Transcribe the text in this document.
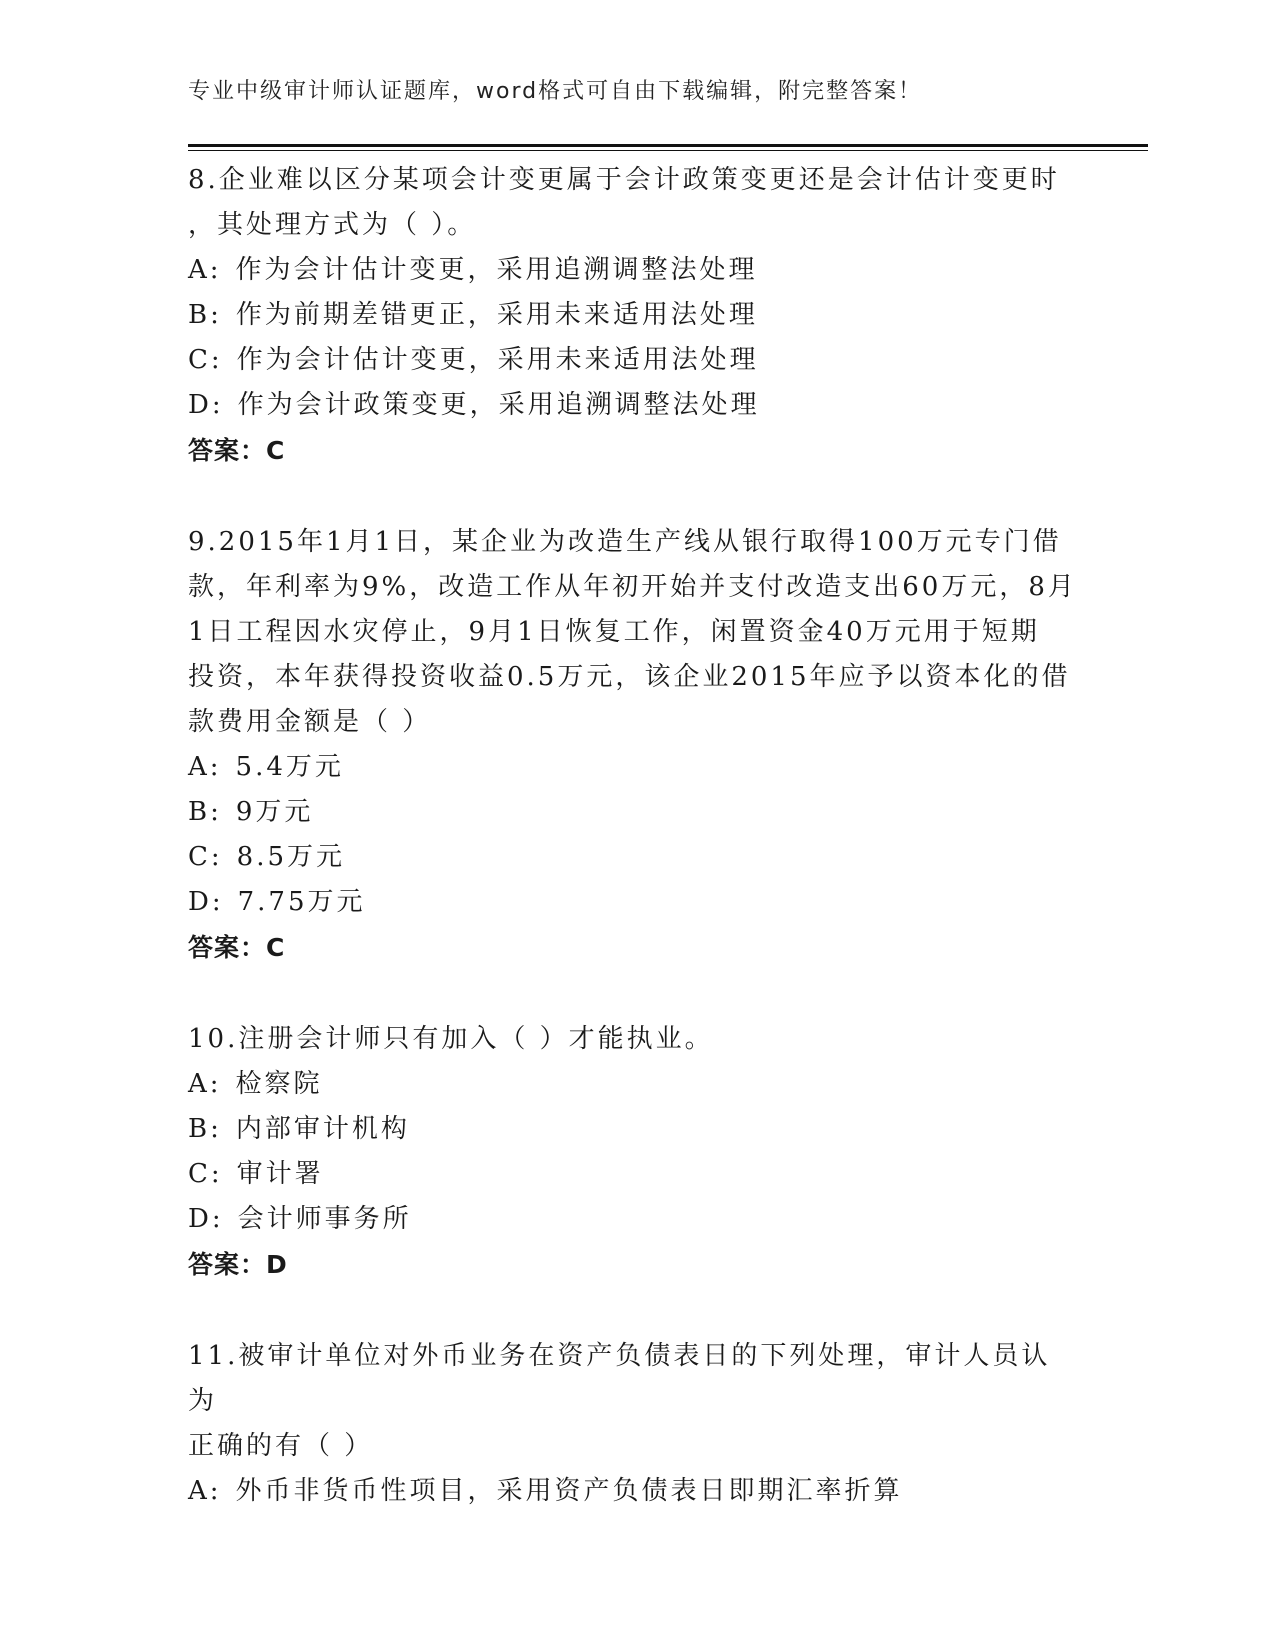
专业中级审计师认证题库，word格式可自由下载编辑，附完整答案！

8.企业难以区分某项会计变更属于会计政策变更还是会计估计变更时

，其处理方式为（ ）。

A: 作为会计估计变更，采用追溯调整法处理

B: 作为前期差错更正，采用未来适用法处理

C: 作为会计估计变更，采用未来适用法处理

D: 作为会计政策变更，采用追溯调整法处理

答案：C

9.2015年1月1日，某企业为改造生产线从银行取得100万元专门借

款，年利率为9%，改造工作从年初开始并支付改造支出60万元，8月

1日工程因水灾停止，9月1日恢复工作，闲置资金40万元用于短期

投资，本年获得投资收益0.5万元，该企业2015年应予以资本化的借

款费用金额是（ ）

A: 5.4万元

B: 9万元

C: 8.5万元

D: 7.75万元

答案：C

10.注册会计师只有加入（ ）才能执业。

A: 检察院

B: 内部审计机构

C: 审计署

D: 会计师事务所

答案：D

11.被审计单位对外币业务在资产负债表日的下列处理，审计人员认为

正确的有（ ）

A: 外币非货币性项目，采用资产负债表日即期汇率折算
